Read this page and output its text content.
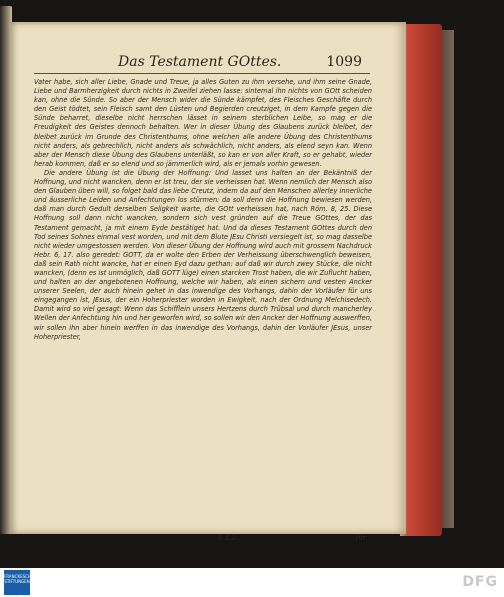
Das Testament GOttes.	1099

Vater habe, sich aller Liebe, Gnade und Treue, ja alles Guten zu ihm versehe, und ihm seine Gnade, Liebe und Barmherzigkeit durch nichts in Zweifel ziehen lasse: sintemal ihn nichts von GOtt scheiden kan, ohne die Sünde. So aber der Mensch wider die Sünde kämpfet, des Fleisches Geschäfte durch den Geist tödtet, sein Fleisch samt den Lüsten und Begierden creutziget, in dem Kampfe gegen die Sünde beharret, dieselbe nicht herrschen lässet in seinem sterblichen Leibe, so mag er die Freudigkeit des Geistes dennoch behalten. Wer in dieser Übung des Glaubens zurück bleibet, der bleibet zurück im Grunde des Christenthums, ohne welchen alle andere Übung des Christenthums nicht anders, als gebrechlich, nicht anders als schwächlich, nicht anders, als elend seyn kan. Wenn aber der Mensch diese Übung des Glaubens unterläßt, so kan er von aller Kraft, so er gehabt, wieder herab kommen, daß er so elend und so jämmerlich wird, als er jemals vorhin gewesen.

Die andere Übung ist die Übung der Hoffnung: Und lasset uns halten an der Bekäntniß der Hoffnung, und nicht wancken, denn er ist treu, der sie verheissen hat. Wenn nemlich der Mensch also den Glauben üben will, so folget bald das liebe Creutz, indem da auf den Menschen allerley innerliche und äusserliche Leiden und Anfechtungen los stürmen: da soll denn die Hoffnung bewiesen werden, daß man durch Gedult derselben Seligkeit warte, die GOtt verheissen hat, nach Röm. 8, 25. Diese Hoffnung soll dann nicht wancken, sondern sich vest gründen auf die Treue GOttes, der das Testament gemacht, ja mit einem Eyde bestätiget hat. Und da dieses Testament GOttes durch den Tod seines Sohnes einmal vest worden, und mit dem Blute JEsu Christi versiegelt ist, so mag dasselbe nicht wieder umgestossen werden. Von dieser Übung der Hoffnung wird auch mit grossem Nachdruck Hebr. 6, 17. also geredet: GOTT, da er wolte den Erben der Verheissung überschwenglich beweisen, daß sein Rath nicht wancke, hat er einen Eyd dazu gethan: auf daß wir durch zwey Stücke, die nicht wancken, (denn es ist unmöglich, daß GOTT lüge) einen starcken Trost haben, die wir Zuflucht haben, und halten an der angebotenen Hoffnung, welche wir haben, als einen sichern und vesten Ancker unserer Seelen, der auch hinein gehet in das inwendige des Vorhangs, dahin der Vorläufer für uns eingegangen ist, JEsus, der ein Hoherpriester worden in Ewigkeit, nach der Ordnung Melchisedech. Damit wird so viel gesagt: Wenn das Schifflein unsers Hertzens durch Trübsal und durch mancherley Wellen der Anfechtung hin und her geworfen wird, so sollen wir den Ancker der Hoffnung auswerffen, wir sollen ihn aber hinein werffen in das inwendige des Vorhangs, dahin der Vorläufer JEsus, unser Hoherpriester,

6 3 2	für
FRANCKESCHE STIFTUNGEN	DFG
